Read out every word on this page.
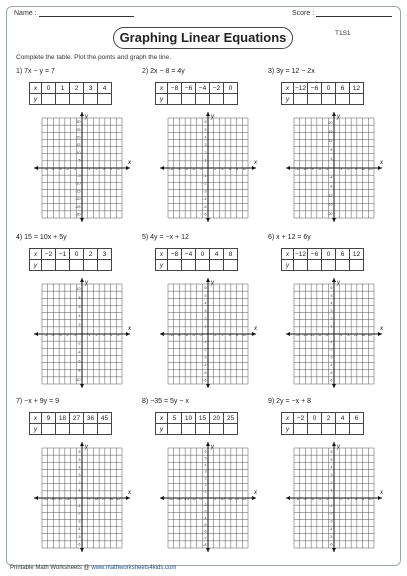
Name :	Score :
Graphing Linear Equations	T1S1
Complete the table. Plot the points and graph the line.
1) 7x − y = 7
x	0	1	2	3	4
y					
x
y
-5 -4 -3 -2 -1	1 2 3 4 5
30
25
20
15
10
5
-5
-10
-15
-20
-25
-30
2) 2x − 8 = 4y
x	−8	−6	−4	−2	0
y					
x
y
-10 -8 -6 -4 -2	2 4 6 8 10
6
5
4
3
2
1
-1
-2
-3
-4
-5
-6
3) 3y = 12 − 2x
x	−12	−6	0	6	12
y					
x
y
-15 -10 -9 -6 -3	3 6 9 12 15
20
16
12
8
4
-4
-8
-12
-16
-20
4) 15 = 10x + 5y
x	−2	−1	0	2	3
y					
x
y
-5 -4 -3 -2 -1	1 2 3 4 5
10
8
6
4
2
-2
-4
-6
-8
-10
5) 4y = −x + 12
x	−8	−4	0	4	8
y					
x
y
-10 -8 -6 -4 -2	2 4 6 8 10
6
5
4
3
2
1
-1
-2
-3
-4
-5
-6
6) x + 12 = 6y
x	−12	−6	0	6	12
y					
x
y
-20 -16 -12 -8 -4	4 8 12 16 20
6
5
4
3
2
1
-1
-2
-3
-4
-5
-6
7) −x + 9y = 9
x	9	18	27	36	45
y					
x
y
-45 -36 -27 -18 -9	9 18 27 36 45
6
5
4
3
2
1
-1
-2
-3
-4
-5
-6
8) −35 = 5y − x
x	5	10	15	20	25
y					
x
y
-25 -20 -15 -10 -5	5 10 15 20 25
6
5
4
3
2
1
-1
-2
-3
-4
-5
-6
-7
-8
9) 2y = −x + 8
x	−2	0	2	4	6
y					
x
y
-10 -8 -6 -4 -2	2 4 6 8 10
6
5
4
3
2
1
-1
-2
-3
-4
-5
-6
Printable Math Worksheets @ www.mathworksheets4kids.com
